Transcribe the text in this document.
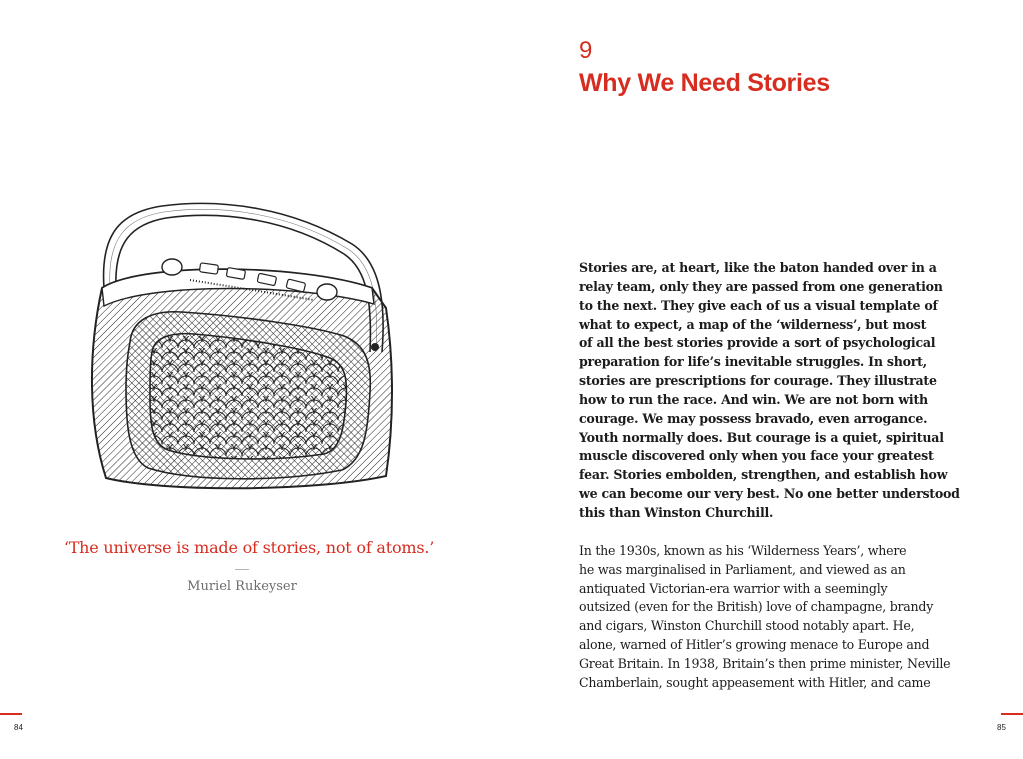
‘The universe is made of stories, not of atoms.’
Muriel Rukeyser
84
9
Why We Need Stories

Stories are, at heart, like the baton handed over in a
relay team, only they are passed from one generation
to the next. They give each of us a visual template of
what to expect, a map of the ‘wilderness’, but most
of all the best stories provide a sort of psychological
preparation for life’s inevitable struggles. In short,
stories are prescriptions for courage. They illustrate
how to run the race. And win. We are not born with
courage. We may possess bravado, even arrogance.
Youth normally does. But courage is a quiet, spiritual
muscle discovered only when you face your greatest
fear. Stories embolden, strengthen, and establish how
we can become our very best. No one better understood
this than Winston Churchill.

In the 1930s, known as his ‘Wilderness Years’, where
he was marginalised in Parliament, and viewed as an
antiquated Victorian-era warrior with a seemingly
outsized (even for the British) love of champagne, brandy
and cigars, Winston Churchill stood notably apart. He,
alone, warned of Hitler’s growing menace to Europe and
Great Britain. In 1938, Britain’s then prime minister, Neville
Chamberlain, sought appeasement with Hitler, and came

85
